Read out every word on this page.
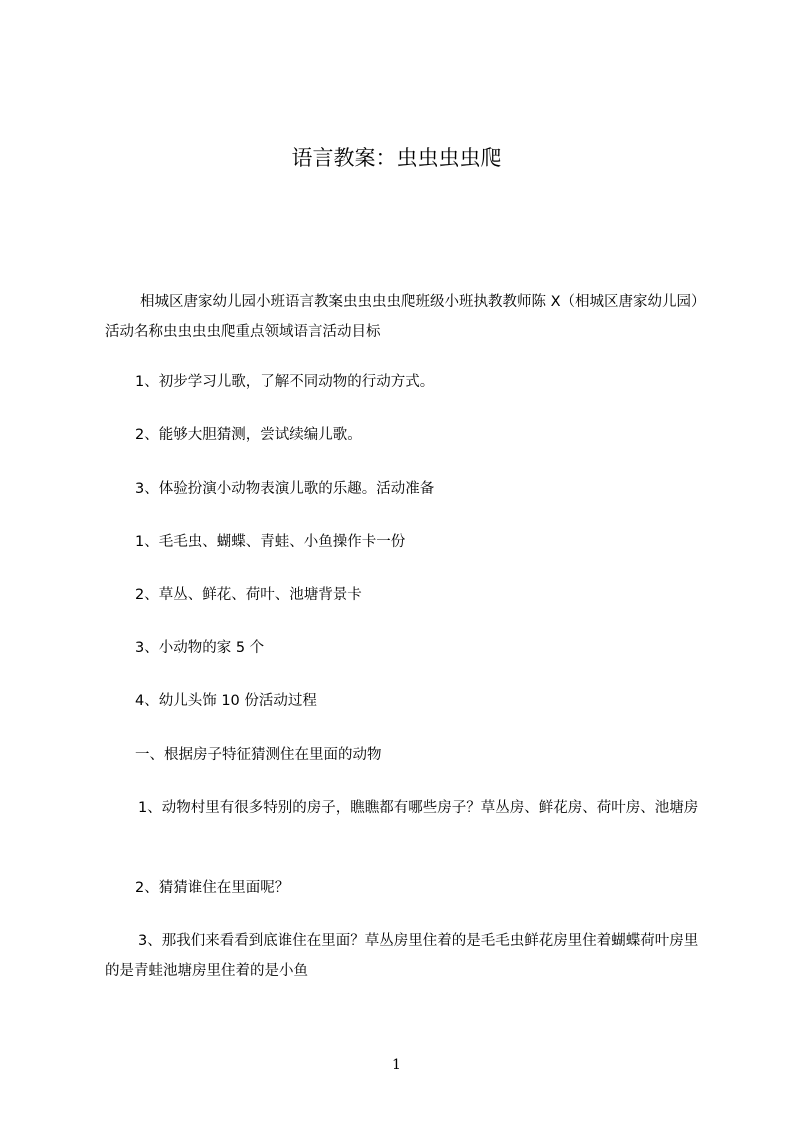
语言教案：虫虫虫虫爬

相城区唐家幼儿园小班语言教案虫虫虫虫爬班级小班执教教师陈 X（相城区唐家幼儿园）活动名称虫虫虫虫爬重点领域语言活动目标

1、初步学习儿歌，了解不同动物的行动方式。

2、能够大胆猜测，尝试续编儿歌。

3、体验扮演小动物表演儿歌的乐趣。活动准备

1、毛毛虫、蝴蝶、青蛙、小鱼操作卡一份

2、草丛、鲜花、荷叶、池塘背景卡

3、小动物的家 5 个

4、幼儿头饰 10 份活动过程

一、根据房子特征猜测住在里面的动物

1、动物村里有很多特别的房子，瞧瞧都有哪些房子？草丛房、鲜花房、荷叶房、池塘房

2、猜猜谁住在里面呢？

3、那我们来看看到底谁住在里面？草丛房里住着的是毛毛虫鲜花房里住着蝴蝶荷叶房里的是青蛙池塘房里住着的是小鱼

1
